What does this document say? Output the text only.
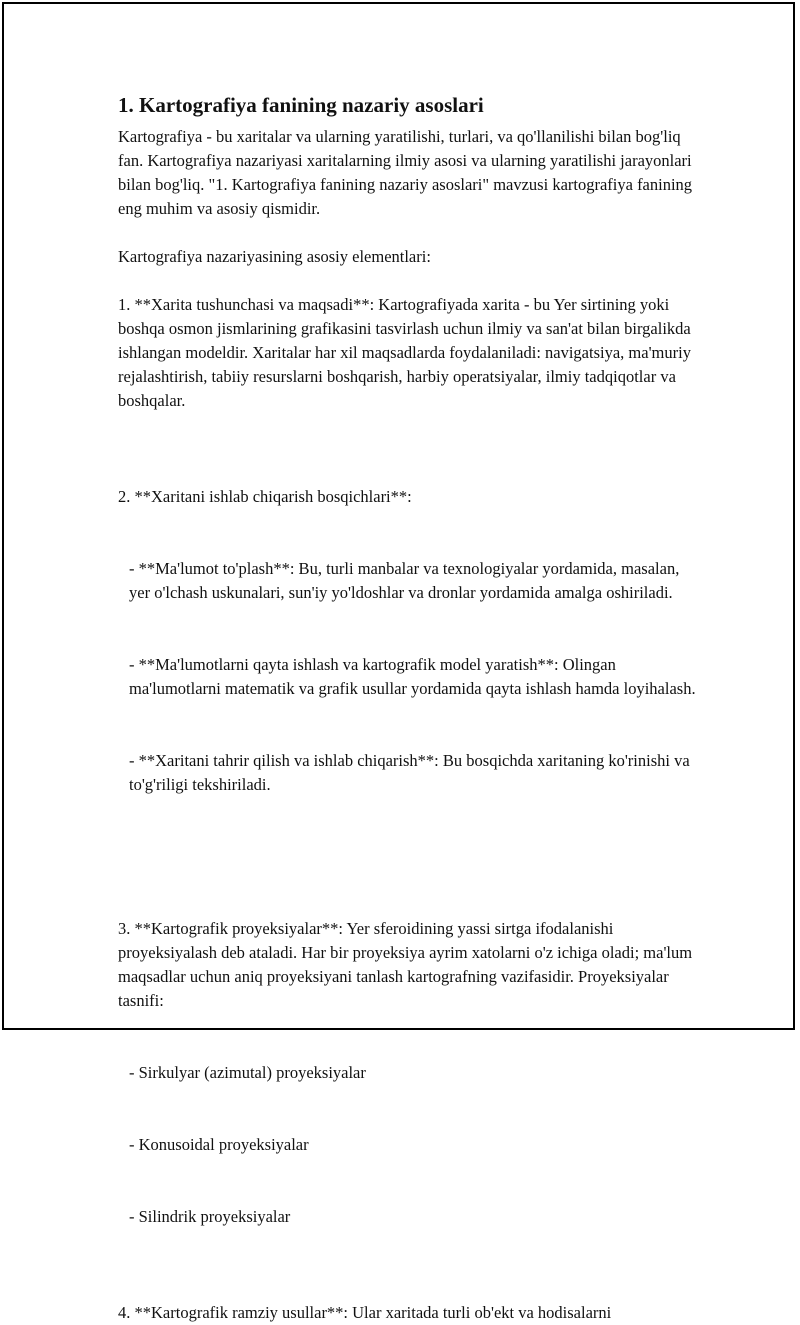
1. Kartografiya fanining nazariy asoslari

Kartografiya - bu xaritalar va ularning yaratilishi, turlari, va qo'llanilishi bilan bog'liq fan. Kartografiya nazariyasi xaritalarning ilmiy asosi va ularning yaratilishi jarayonlari bilan bog'liq. "1. Kartografiya fanining nazariy asoslari" mavzusi kartografiya fanining eng muhim va asosiy qismidir.

Kartografiya nazariyasining asosiy elementlari:

1. **Xarita tushunchasi va maqsadi**: Kartografiyada xarita - bu Yer sirtining yoki boshqa osmon jismlarining grafikasini tasvirlash uchun ilmiy va san'at bilan birgalikda ishlangan modeldir. Xaritalar har xil maqsadlarda foydalaniladi: navigatsiya, ma'muriy rejalashtirish, tabiiy resurslarni boshqarish, harbiy operatsiyalar, ilmiy tadqiqotlar va boshqalar.

2. **Xaritani ishlab chiqarish bosqichlari**:

- **Ma'lumot to'plash**: Bu, turli manbalar va texnologiyalar yordamida, masalan, yer o'lchash uskunalari, sun'iy yo'ldoshlar va dronlar yordamida amalga oshiriladi.

- **Ma'lumotlarni qayta ishlash va kartografik model yaratish**: Olingan ma'lumotlarni matematik va grafik usullar yordamida qayta ishlash hamda loyihalash.

- **Xaritani tahrir qilish va ishlab chiqarish**: Bu bosqichda xaritaning ko'rinishi va to'g'riligi tekshiriladi.

3. **Kartografik proyeksiyalar**: Yer sferoidining yassi sirtga ifodalanishi proyeksiyalash deb ataladi. Har bir proyeksiya ayrim xatolarni o'z ichiga oladi; ma'lum maqsadlar uchun aniq proyeksiyani tanlash kartografning vazifasidir. Proyeksiyalar tasnifi:

- Sirkulyar (azimutal) proyeksiyalar

- Konusoidal proyeksiyalar

- Silindrik proyeksiyalar

4. **Kartografik ramziy usullar**: Ular xaritada turli ob'ekt va hodisalarni
